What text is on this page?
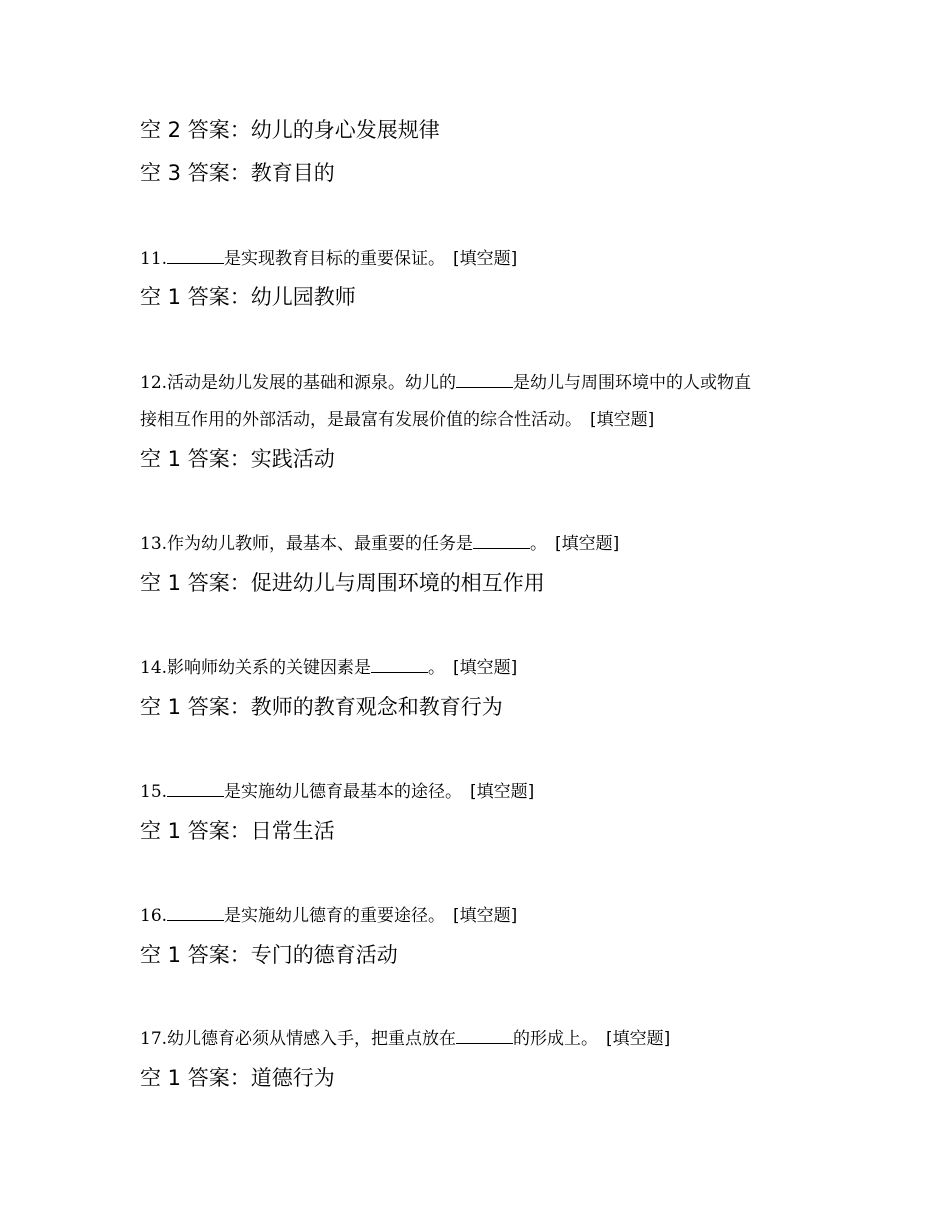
空 2 答案：幼儿的身心发展规律
空 3 答案：教育目的
11.	是实现教育目标的重要保证。 [填空题]
空 1 答案：幼儿园教师
12.活动是幼儿发展的基础和源泉。幼儿的	是幼儿与周围环境中的人或物直
接相互作用的外部活动，是最富有发展价值的综合性活动。 [填空题]
空 1 答案：实践活动
13.作为幼儿教师，最基本、最重要的任务是	。 [填空题]
空 1 答案：促进幼儿与周围环境的相互作用
14.影响师幼关系的关键因素是	。 [填空题]
空 1 答案：教师的教育观念和教育行为
15.	是实施幼儿德育最基本的途径。 [填空题]
空 1 答案：日常生活
16.	是实施幼儿德育的重要途径。 [填空题]
空 1 答案：专门的德育活动
17.幼儿德育必须从情感入手，把重点放在	的形成上。 [填空题]
空 1 答案：道德行为
